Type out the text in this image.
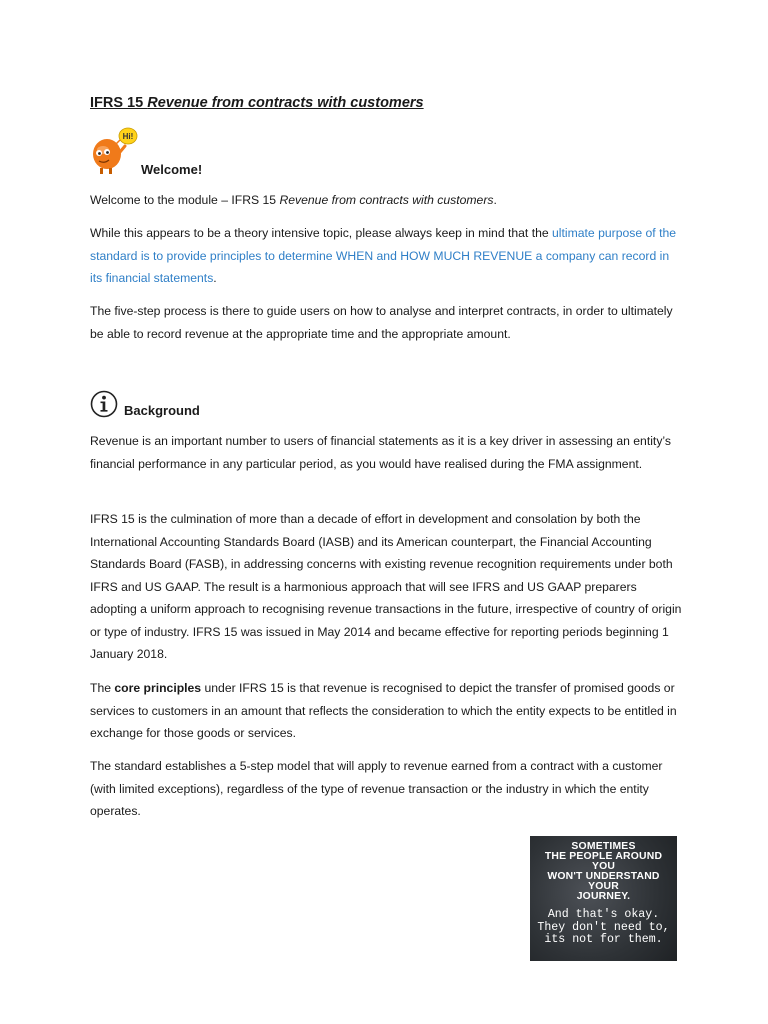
IFRS 15 Revenue from contracts with customers
Hi!
Welcome!

Welcome to the module – IFRS 15 Revenue from contracts with customers.

While this appears to be a theory intensive topic, please always keep in mind that the ultimate purpose of the standard is to provide principles to determine WHEN and HOW MUCH REVENUE a company can record in its financial statements.

The five-step process is there to guide users on how to analyse and interpret contracts, in order to ultimately be able to record revenue at the appropriate time and the appropriate amount.

Background

Revenue is an important number to users of financial statements as it is a key driver in assessing an entity’s financial performance in any particular period, as you would have realised during the FMA assignment.

IFRS 15 is the culmination of more than a decade of effort in development and consolation by both the International Accounting Standards Board (IASB) and its American counterpart, the Financial Accounting Standards Board (FASB), in addressing concerns with existing revenue recognition requirements under both IFRS and US GAAP. The result is a harmonious approach that will see IFRS and US GAAP preparers adopting a uniform approach to recognising revenue transactions in the future, irrespective of country of origin or type of industry. IFRS 15 was issued in May 2014 and became effective for reporting periods beginning 1 January 2018.

The core principles under IFRS 15 is that revenue is recognised to depict the transfer of promised goods or services to customers in an amount that reflects the consideration to which the entity expects to be entitled in exchange for those goods or services.

The standard establishes a 5-step model that will apply to revenue earned from a contract with a customer (with limited exceptions), regardless of the type of revenue transaction or the industry in which the entity operates.

SOMETIMES
THE PEOPLE AROUND
YOU
WON'T UNDERSTAND
YOUR
JOURNEY.
And that's okay.
They don't need to,
its not for them.
